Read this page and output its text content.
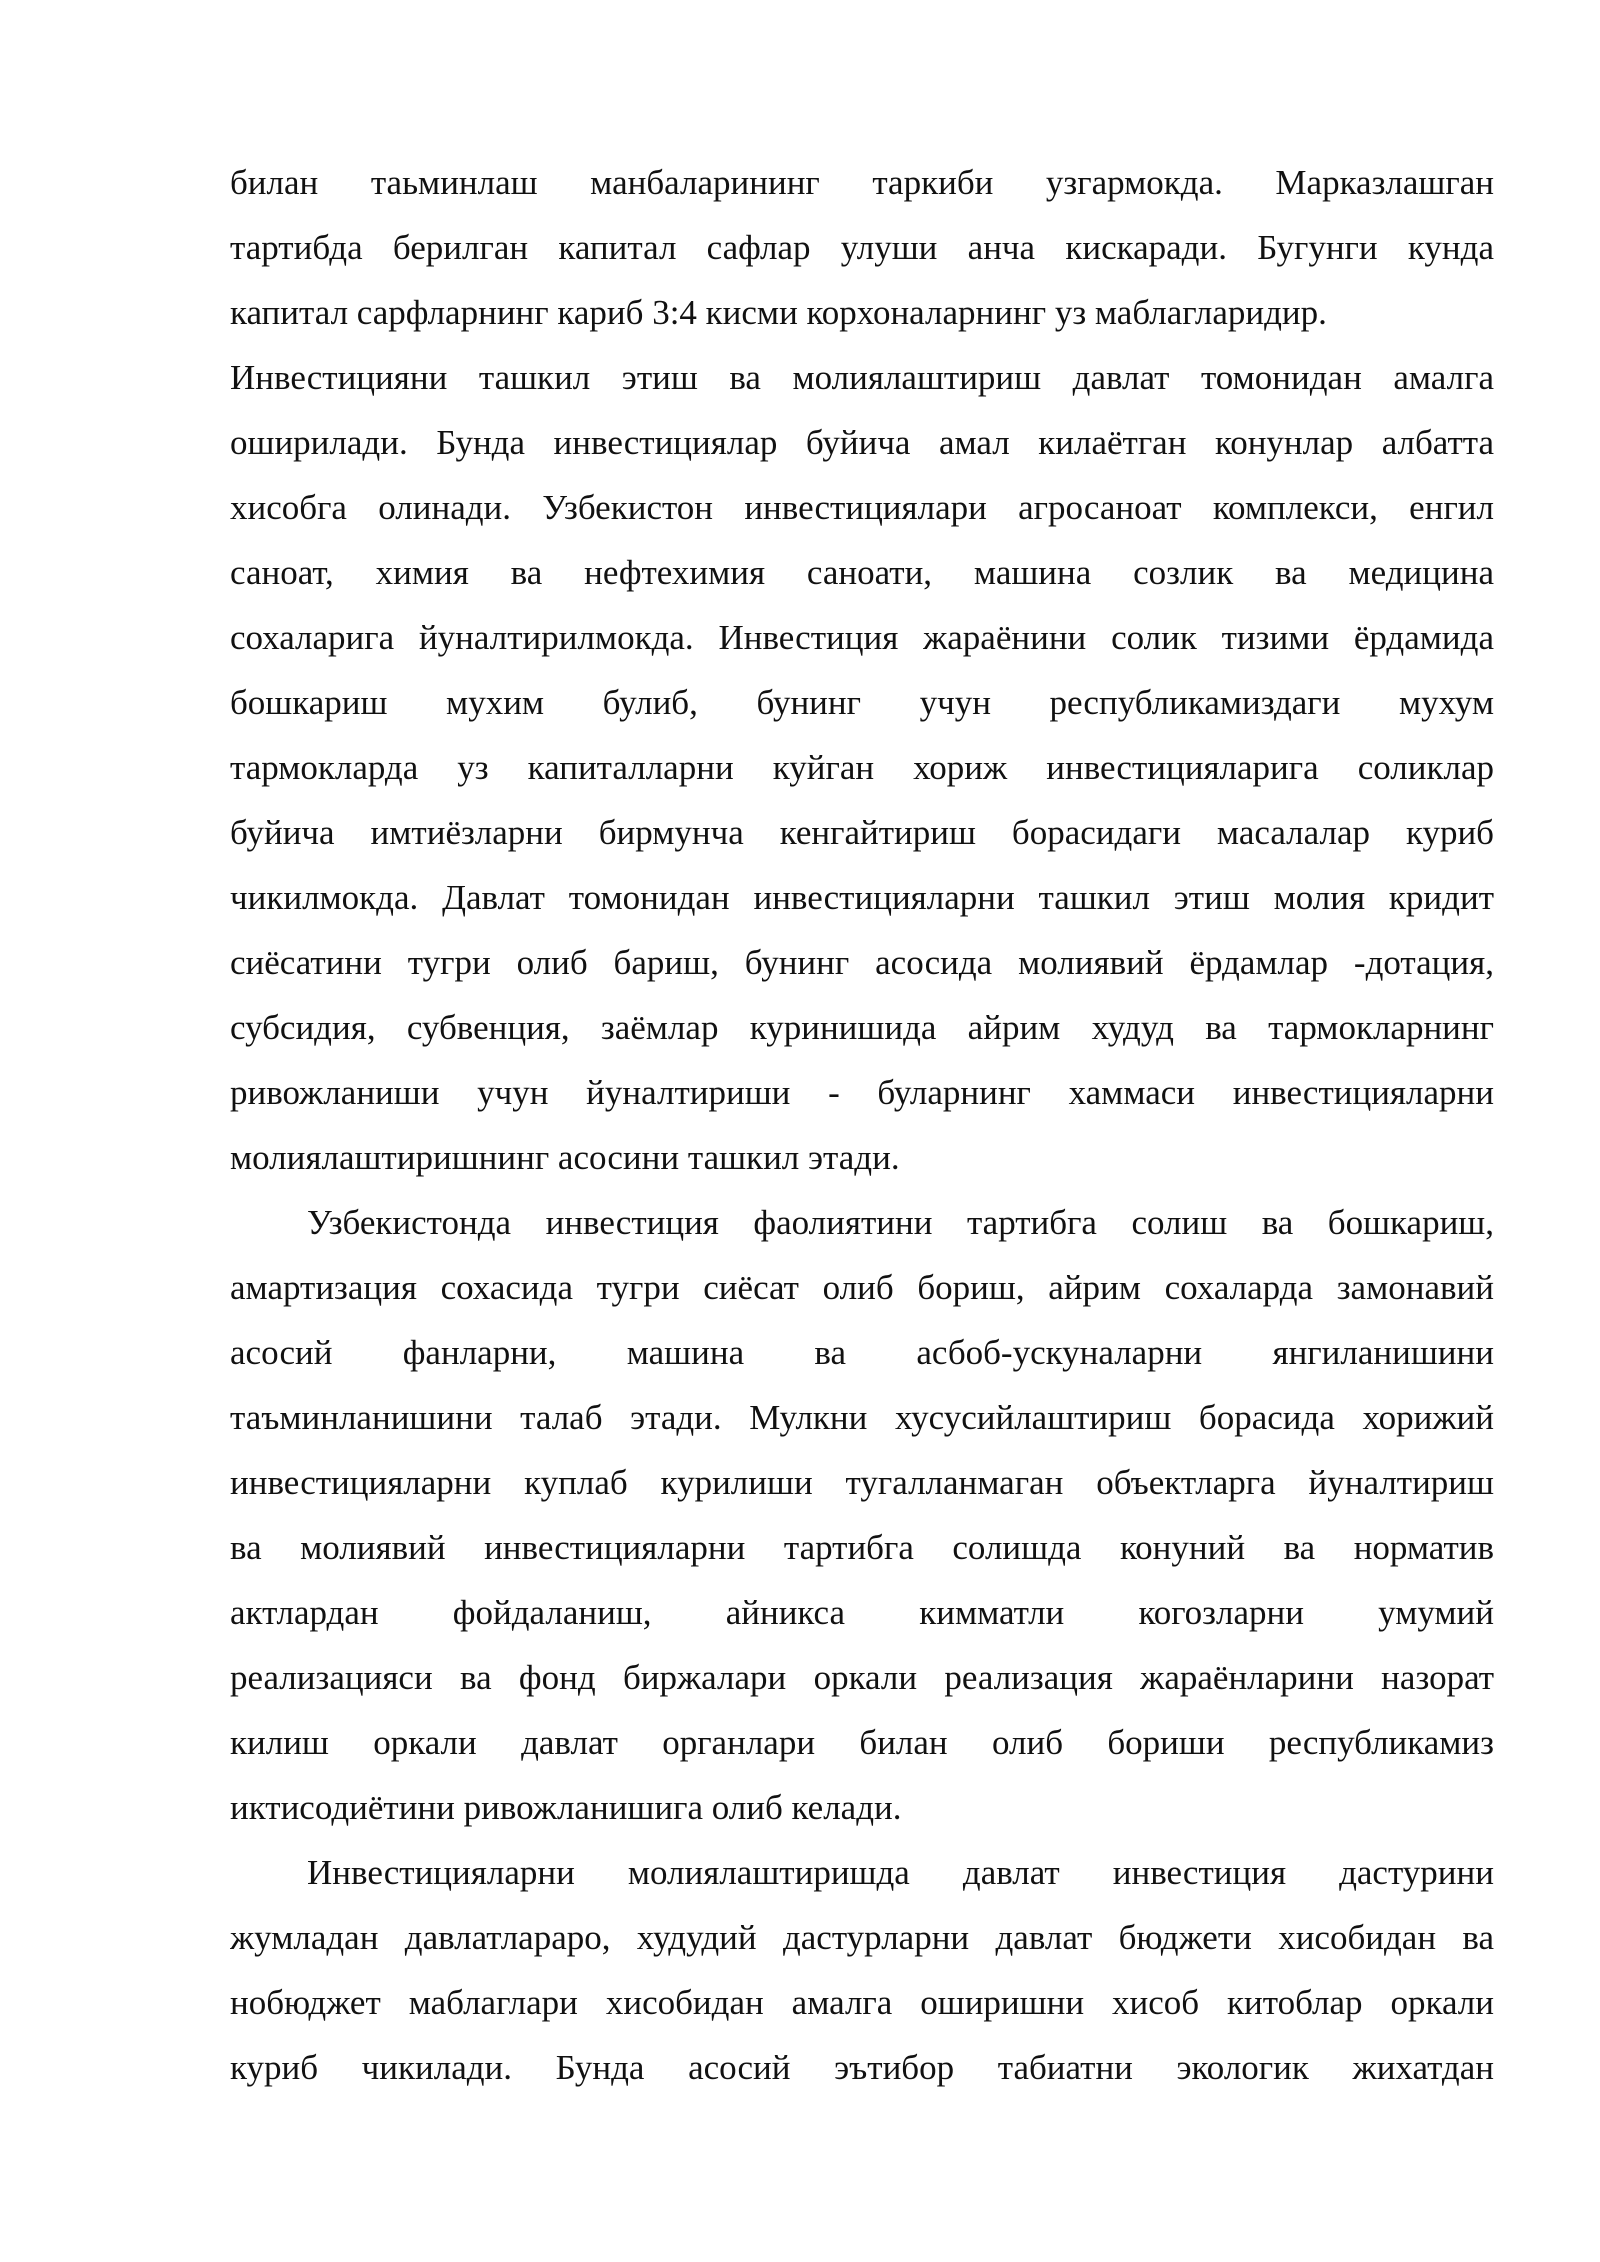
билан таьминлаш манбаларининг таркиби узгармокда. Марказлашган
тартибда берилган капитал сафлар улуши анча кискаради. Бугунги кунда
капитал сарфларнинг кариб 3:4 кисми корхоналарнинг уз маблагларидир.
Инвестицияни ташкил этиш ва молиялаштириш давлат томонидан амалга
оширилади. Бунда инвестициялар буйича амал килаётган конунлар албатта
хисобга олинади. Узбекистон инвестициялари агросаноат комплекси, енгил
саноат, химия ва нефтехимия саноати, машина созлик ва медицина
сохаларига йуналтирилмокда. Инвестиция жараёнини солик тизими ёрдамида
бошкариш мухим булиб, бунинг учун республикамиздаги мухум
тармокларда уз капиталларни куйган хориж инвестицияларига соликлар
буйича имтиёзларни бирмунча кенгайтириш борасидаги масалалар куриб
чикилмокда. Давлат томонидан инвестицияларни ташкил этиш молия кридит
сиёсатини тугри олиб бариш, бунинг асосида молиявий ёрдамлар -дотация,
субсидия, субвенция, заёмлар куринишида айрим худуд ва тармокларнинг
ривожланиши учун йуналтириши - буларнинг хаммаси инвестицияларни
молиялаштиришнинг асосини ташкил этади.
Узбекистонда инвестиция фаолиятини тартибга солиш ва бошкариш,
амартизация сохасида тугри сиёсат олиб бориш, айрим сохаларда замонавий
асосий фанларни, машина ва асбоб-ускуналарни янгиланишини
таъминланишини талаб этади. Мулкни хусусийлаштириш борасида хорижий
инвестицияларни куплаб курилиши тугалланмаган объектларга йуналтириш
ва молиявий инвестицияларни тартибга солишда конуний ва норматив
актлардан фойдаланиш, айникса кимматли когозларни умумий
реализацияси ва фонд биржалари оркали реализация жараёнларини назорат
килиш оркали давлат органлари билан олиб бориши республикамиз
иктисодиётини ривожланишига олиб келади.
Инвестицияларни молиялаштиришда давлат инвестиция дастурини
жумладан давлатлараро, худудий дастурларни давлат бюджети хисобидан ва
нобюджет маблаглари хисобидан амалга оширишни хисоб китоблар оркали
куриб чикилади. Бунда асосий эътибор табиатни экологик жихатдан
